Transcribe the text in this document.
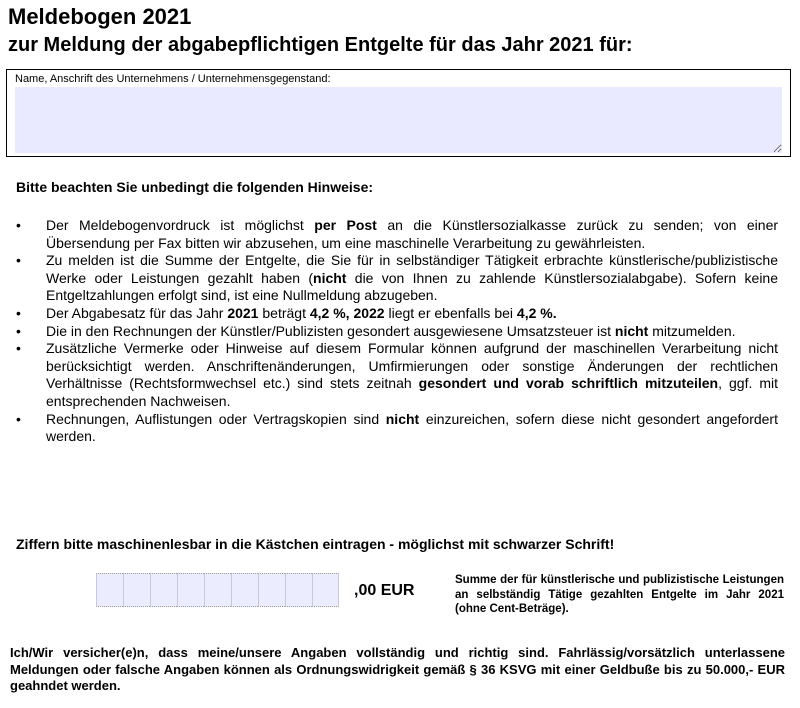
Meldebogen 2021
zur Meldung der abgabepflichtigen Entgelte für das Jahr 2021 für:
Name, Anschrift des Unternehmens / Unternehmensgegenstand:
Bitte beachten Sie unbedingt die folgenden Hinweise:
• Der Meldebogenvordruck ist möglichst per Post an die Künstlersozialkasse zurück zu senden; von einer Übersendung per Fax bitten wir abzusehen, um eine maschinelle Verarbeitung zu gewährleisten.
• Zu melden ist die Summe der Entgelte, die Sie für in selbständiger Tätigkeit erbrachte künstlerische/publizistische Werke oder Leistungen gezahlt haben (nicht die von Ihnen zu zahlende Künstlersozialabgabe). Sofern keine Entgeltzahlungen erfolgt sind, ist eine Nullmeldung abzugeben.
• Der Abgabesatz für das Jahr 2021 beträgt 4,2 %, 2022 liegt er ebenfalls bei 4,2 %.
• Die in den Rechnungen der Künstler/Publizisten gesondert ausgewiesene Umsatzsteuer ist nicht mitzumelden.
• Zusätzliche Vermerke oder Hinweise auf diesem Formular können aufgrund der maschinellen Verarbeitung nicht berücksichtigt werden. Anschriftenänderungen, Umfirmierungen oder sonstige Änderungen der rechtlichen Verhältnisse (Rechtsformwechsel etc.) sind stets zeitnah gesondert und vorab schriftlich mitzuteilen, ggf. mit entsprechenden Nachweisen.
• Rechnungen, Auflistungen oder Vertragskopien sind nicht einzureichen, sofern diese nicht gesondert angefordert werden.
Ziffern bitte maschinenlesbar in die Kästchen eintragen - möglichst mit schwarzer Schrift!
,00 EUR
Summe der für künstlerische und publizistische Leistungen an selbständig Tätige gezahlten Entgelte im Jahr 2021 (ohne Cent-Beträge).
Ich/Wir versicher(e)n, dass meine/unsere Angaben vollständig und richtig sind. Fahrlässig/vorsätzlich unterlassene Meldungen oder falsche Angaben können als Ordnungswidrigkeit gemäß § 36 KSVG mit einer Geldbuße bis zu 50.000,- EUR geahndet werden.
